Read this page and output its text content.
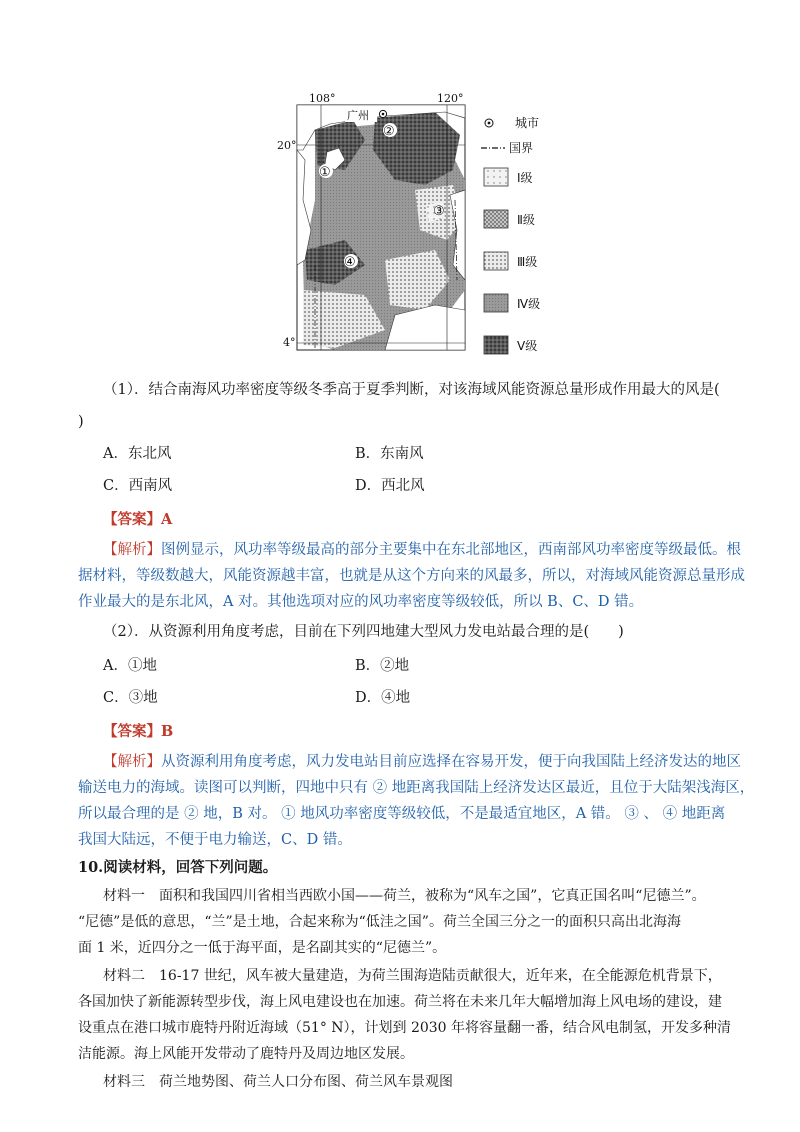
108°	120°
20°
4°
广州
①
②
③
④
城市
国界
Ⅰ级
Ⅱ级
Ⅲ级
Ⅳ级
Ⅴ级
（1）．结合南海风功率密度等级冬季高于夏季判断，对该海域风能资源总量形成作用最大的风是(
)
A．东北风	B．东南风
C．西南风	D．西北风
【答案】A
【解析】图例显示，风功率等级最高的部分主要集中在东北部地区，西南部风功率密度等级最低。根
据材料，等级数越大，风能资源越丰富，也就是从这个方向来的风最多，所以，对海域风能资源总量形成
作业最大的是东北风，A 对。其他选项对应的风功率密度等级较低，所以 B、C、D 错。
（2）．从资源利用角度考虑，目前在下列四地建大型风力发电站最合理的是(　　)
A．①地	B．②地
C．③地	D．④地
【答案】B
【解析】从资源利用角度考虑，风力发电站目前应选择在容易开发，便于向我国陆上经济发达的地区
输送电力的海域。读图可以判断，四地中只有 ② 地距离我国陆上经济发达区最近，且位于大陆架浅海区，
所以最合理的是 ② 地，B 对。 ① 地风功率密度等级较低，不是最适宜地区，A 错。 ③ 、 ④ 地距离
我国大陆远，不便于电力输送，C、D 错。
10.阅读材料，回答下列问题。
材料一　面积和我国四川省相当西欧小国——荷兰，被称为“风车之国”，它真正国名叫“尼德兰”。
“尼德”是低的意思，“兰”是土地，合起来称为“低洼之国”。荷兰全国三分之一的面积只高出北海海
面 1 米，近四分之一低于海平面，是名副其实的“尼德兰”。
材料二　16-17 世纪，风车被大量建造，为荷兰围海造陆贡献很大，近年来，在全能源危机背景下，
各国加快了新能源转型步伐，海上风电建设也在加速。荷兰将在未来几年大幅增加海上风电场的建设，建
设重点在港口城市鹿特丹附近海域（51° N），计划到 2030 年将容量翻一番，结合风电制氢，开发多种清
洁能源。海上风能开发带动了鹿特丹及周边地区发展。
材料三　荷兰地势图、荷兰人口分布图、荷兰风车景观图
